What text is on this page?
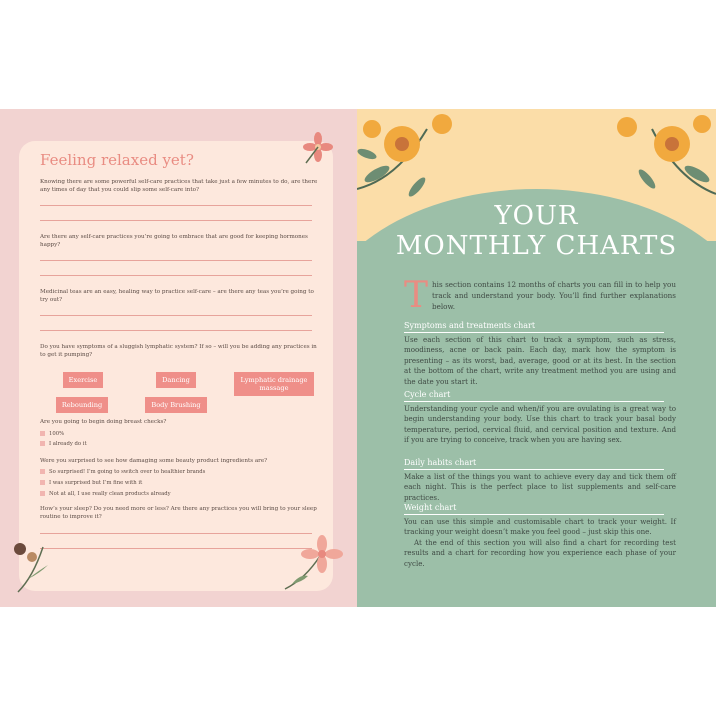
Feeling relaxed yet?
Knowing there are some powerful self-care practices that take just a few minutes to do, are there any times of day that you could slip some self-care into?
Are there any self-care practices you’re going to embrace that are good for keeping hormones happy?
Medicinal teas are an easy, healing way to practice self-care – are there any teas you’re going to try out?
Do you have symptoms of a sluggish lymphatic system? If so – will you be adding any practices in to get it pumping?
Exercise	Dancing	Lymphatic drainage massage
Rebounding	Body Brushing
Are you going to begin doing breast checks?
100%
I already do it
Were you surprised to see how damaging some beauty product ingredients are?
So surprised! I’m going to switch over to healthier brands
I was surprised but I’m fine with it
Not at all, I use really clean products already
How’s your sleep? Do you need more or less? Are there any practices you will bring to your sleep routine to improve it?
YOUR
MONTHLY CHARTS
This section contains 12 months of charts you can fill in to help you track and understand your body. You’ll find further explanations below.
Symptoms and treatments chart
Use each section of this chart to track a symptom, such as stress, moodiness, acne or back pain. Each day, mark how the symptom is presenting – as its worst, bad, average, good or at its best. In the section at the bottom of the chart, write any treatment method you are using and the date you start it.
Cycle chart
Understanding your cycle and when/if you are ovulating is a great way to begin understanding your body. Use this chart to track your basal body temperature, period, cervical fluid, and cervical position and texture. And if you are trying to conceive, track when you are having sex.
Daily habits chart
Make a list of the things you want to achieve every day and tick them off each night. This is the perfect place to list supplements and self-care practices.
Weight chart
You can use this simple and customisable chart to track your weight. If tracking your weight doesn’t make you feel good – just skip this one.
At the end of this section you will also find a chart for recording test results and a chart for recording how you experience each phase of your cycle.
